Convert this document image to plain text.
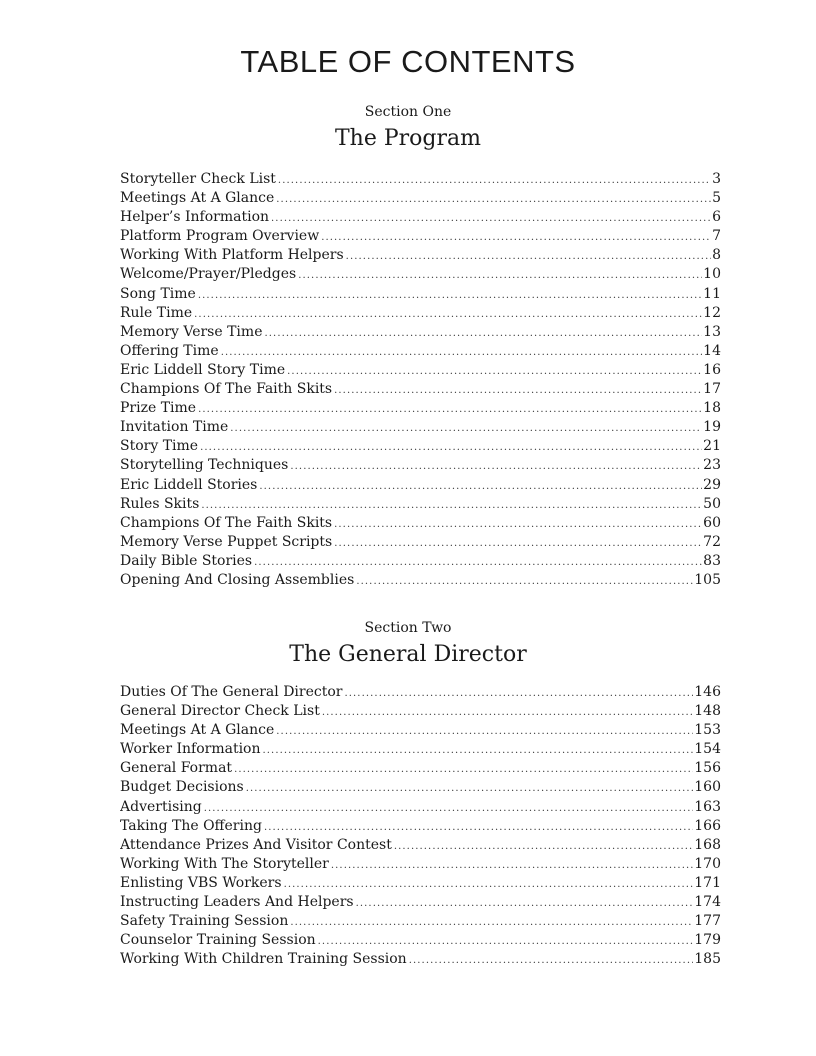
TABLE OF CONTENTS

Section One

The Program
Storyteller Check List .....	3
Meetings At A Glance .....	5
Helper’s Information .....	6
Platform Program Overview .....	7
Working With Platform Helpers .....	8
Welcome/Prayer/Pledges .....	10
Song Time .....	11
Rule Time .....	12
Memory Verse Time .....	13
Offering Time .....	14
Eric Liddell Story Time .....	16
Champions Of The Faith Skits .....	17
Prize Time .....	18
Invitation Time .....	19
Story Time .....	21
Storytelling Techniques .....	23
Eric Liddell Stories .....	29
Rules Skits .....	50
Champions Of The Faith Skits .....	60
Memory Verse Puppet Scripts .....	72
Daily Bible Stories .....	83
Opening And Closing Assemblies .....	105

Section Two

The General Director
Duties Of The General Director .....	146
General Director Check List .....	148
Meetings At A Glance .....	153
Worker Information .....	154
General Format .....	156
Budget Decisions .....	160
Advertising .....	163
Taking The Offering .....	166
Attendance Prizes And Visitor Contest .....	168
Working With The Storyteller .....	170
Enlisting VBS Workers .....	171
Instructing Leaders And Helpers .....	174
Safety Training Session .....	177
Counselor Training Session .....	179
Working With Children Training Session .....	185
